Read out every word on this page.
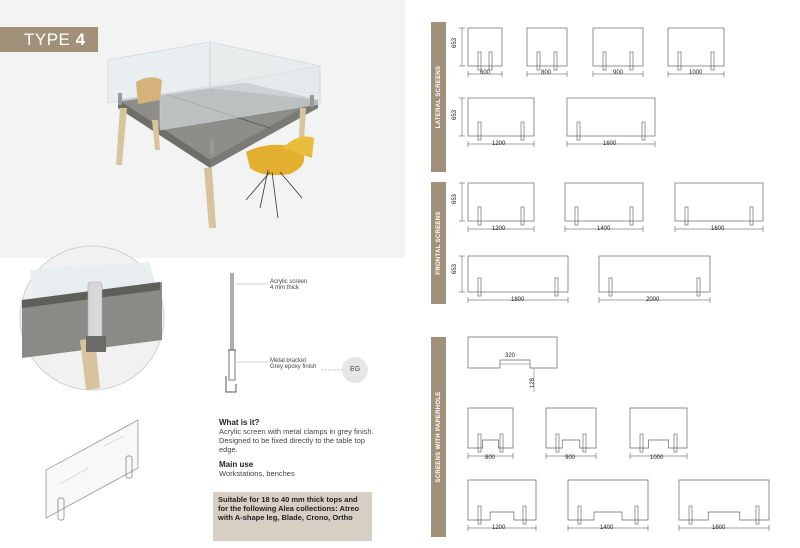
TYPE 4
Acrylic screen
4 mm thick
Metal bracket
Grey epoxy finish	EG
What is it?

Acrylic screen with metal clamps in grey finish. Designed to be fixed directly to the table top edge.

Main use

Workstations, benches

Suitable for 18 to 40 mm thick tops and for the following Alea collections: Atreo with A-shape leg, Blade, Crono, Ortho
LATERAL SCREENS
FRONTAL SCREENS
SCREENS WITH PAPERHOLE
653
653
653
653
600	800	900	1000
1200	1600
1200	1400	1600
1800	2000
320
128
800	900	1000
1200	1400	1600
